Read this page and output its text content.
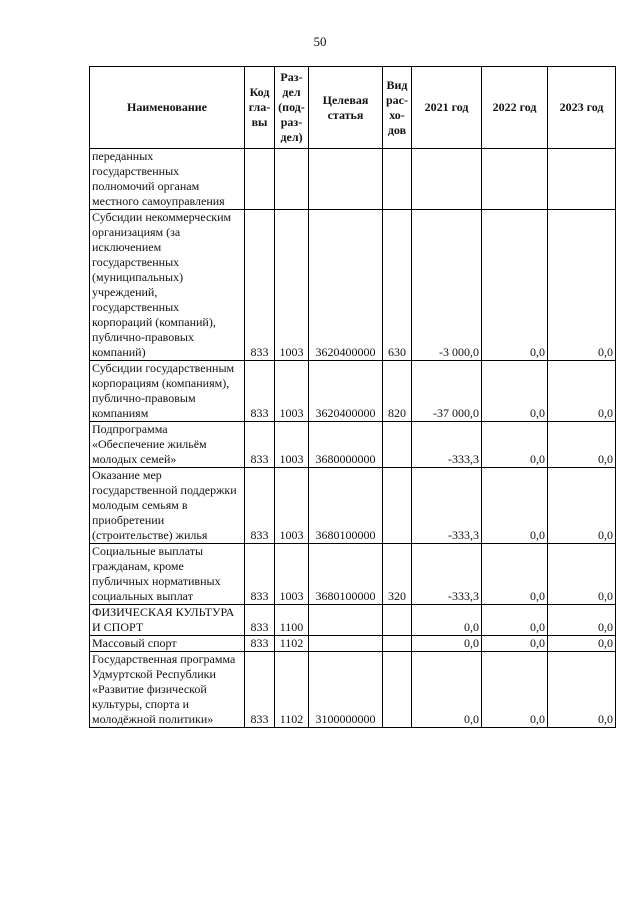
50
Наименование	Код гла- вы	Раз- дел (под- раз- дел)	Целевая статья	Вид рас- хо- дов	2021 год	2022 год	2023 год
переданных государственных полномочий органам местного самоуправления							
Субсидии некоммерческим организациям (за исключением государственных (муниципальных) учреждений, государственных корпораций (компаний), публично-правовых компаний)	833	1003	3620400000	630	-3 000,0	0,0	0,0
Субсидии государственным корпорациям (компаниям), публично-правовым компаниям	833	1003	3620400000	820	-37 000,0	0,0	0,0
Подпрограмма «Обеспечение жильём молодых семей»	833	1003	3680000000		-333,3	0,0	0,0
Оказание мер государственной поддержки молодым семьям в приобретении (строительстве) жилья	833	1003	3680100000		-333,3	0,0	0,0
Социальные выплаты гражданам, кроме публичных нормативных социальных выплат	833	1003	3680100000	320	-333,3	0,0	0,0
ФИЗИЧЕСКАЯ КУЛЬТУРА И СПОРТ	833	1100			0,0	0,0	0,0
Массовый спорт	833	1102			0,0	0,0	0,0
Государственная программа Удмуртской Республики «Развитие физической культуры, спорта и молодёжной политики»	833	1102	3100000000		0,0	0,0	0,0
